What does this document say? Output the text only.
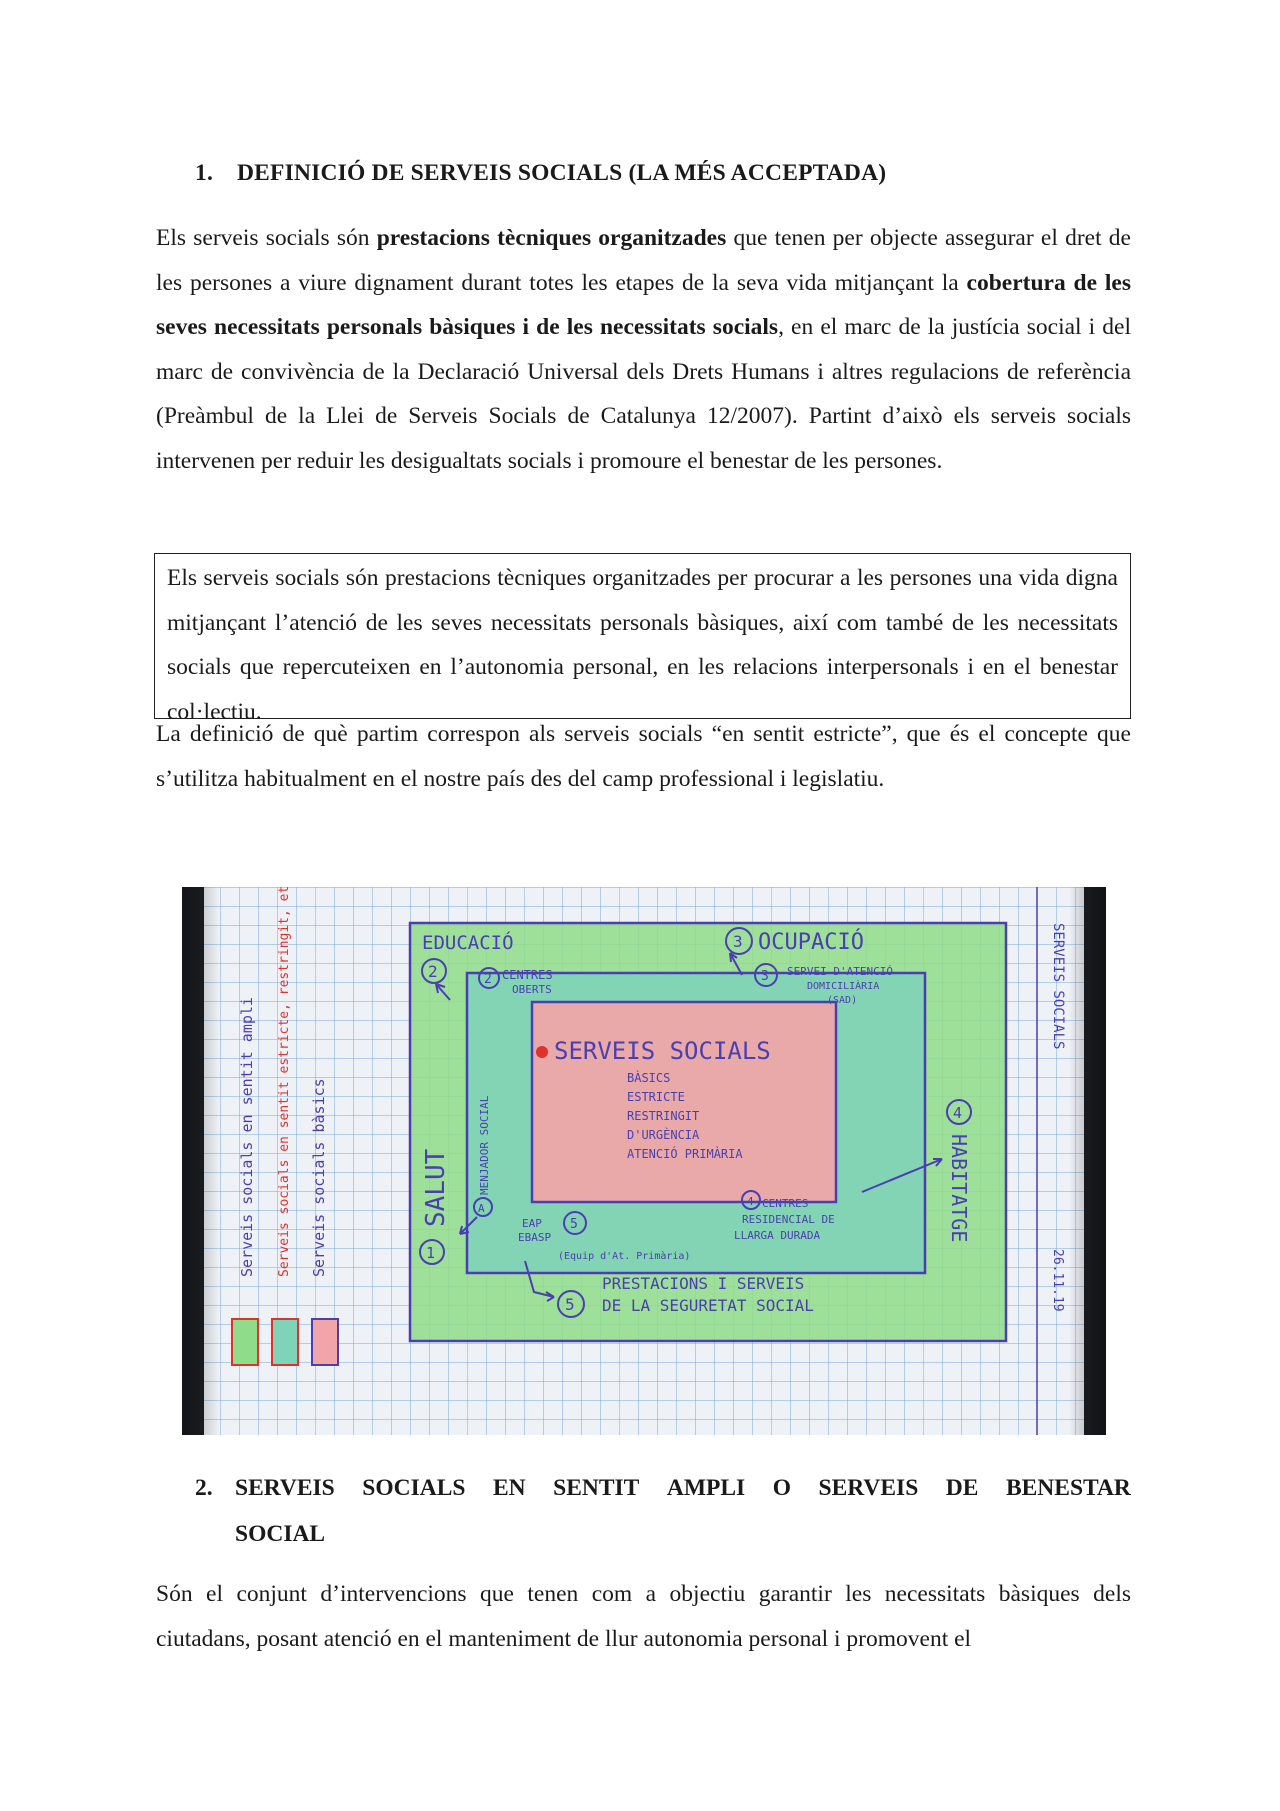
1. DEFINICIÓ DE SERVEIS SOCIALS (LA MÉS ACCEPTADA)
Els serveis socials són prestacions tècniques organitzades que tenen per objecte assegurar el dret de les persones a viure dignament durant totes les etapes de la seva vida mitjançant la cobertura de les seves necessitats personals bàsiques i de les necessitats socials, en el marc de la justícia social i del marc de convivència de la Declaració Universal dels Drets Humans i altres regulacions de referència (Preàmbul de la Llei de Serveis Socials de Catalunya 12/2007). Partint d’això els serveis socials intervenen per reduir les desigualtats socials i promoure el benestar de les persones.
Els serveis socials són prestacions tècniques organitzades per procurar a les persones una vida digna mitjançant l’atenció de les seves necessitats personals bàsiques, així com també de les necessitats socials que repercuteixen en l’autonomia personal, en les relacions interpersonals i en el benestar col·lectiu.
La definició de què partim correspon als serveis socials “en sentit estricte”, que és el concepte que s’utilitza habitualment en el nostre país des del camp professional i legislatiu.
2. SERVEIS SOCIALS EN SENTIT AMPLI O SERVEIS DE BENESTAR
SOCIAL
Són el conjunt d’intervencions que tenen com a objectiu garantir les necessitats bàsiques dels ciutadans, posant atenció en el manteniment de llur autonomia personal i promovent el
